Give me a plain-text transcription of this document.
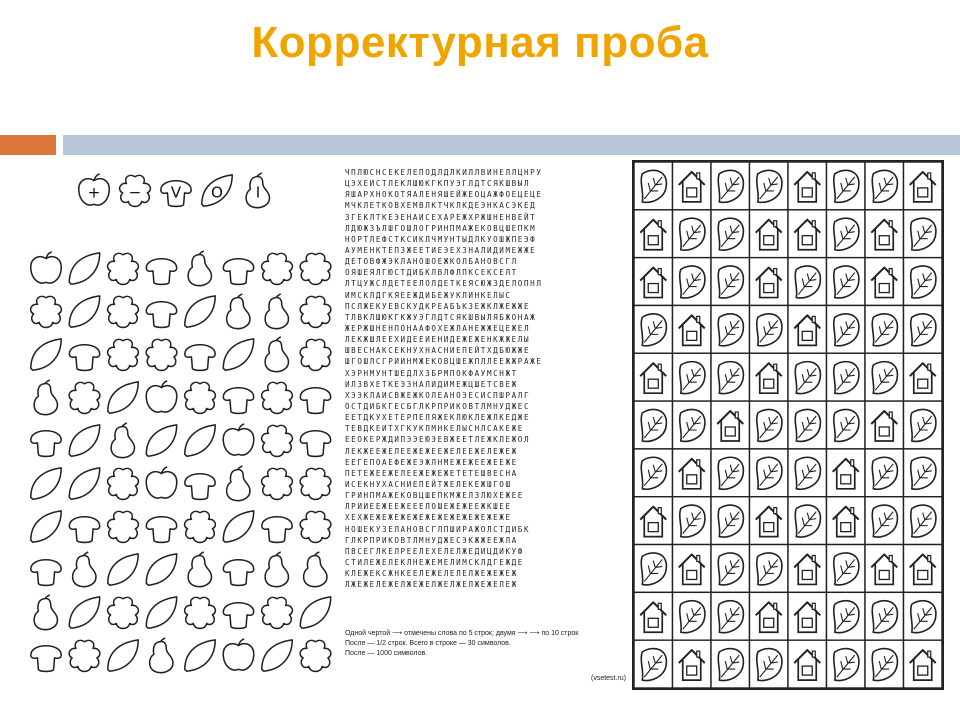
Корректурная проба
+ − V O I
ЧПЛЮСНСЕКЕЛЕПОДЛДЛКИЛЛВИНЕЛЛЦНРУ
ЦЭХЕИСТЛЕКЛШЮКГКПУЭГЛДТСЯКШВЫЛ
ЯШАРХНОКОТЯАЛЕНЯШЕЙЖЕОЦАЖФОЕЦЕЦЕ
МЧКЛЕТКОВХЕМВЛКТЧКЛКДЕЭНКАСЭКЕД
ЗГЕКЛТКЕЭЕНАИСЕХАРЕЖХРЖШНЕНВЕЙТ
ЛДЮЖЗЪЛШГОШЛОГРИНПМАЖЕКОВЦШЕПКМ
НОРТЛЕФСТКСИКЛЧМУНТЫДЛКУОШЖПЕЭФ
АУМЕНКТЕПЗЖЕЕТИЕЭЕХЗНАЛИДИМЕЖЖЕ
ДЕТОВФЖЭКЛАНОШОЕЖКОЛБАНОВСГЛ
ОЯШЕЯЛГЮСТДИБКЛВЛФЛПКСЕКСЕЛТ
ЛТЦУЖСЛДЕТЕЕЛОЛДЕТКЕЯСЮЖЗДЕЛОПНЛ
ИМСКЛДГКЯЕЕЖДИБЕЖУКЛИНКЕЛЫС
ПСЛЖЕКУЕВСКУДКРЕАБЪКЗЕЖКЛЖЕЖЖЕ
ТЛВКЛШЮКГКЖУЭГЛДТСЯКШВЫЛЯБЖОНАЖ
ЖЕРЖШНЕНПОНААФОХЕЖЛАНЕЖЖЕЦЕЖЕЛ
ЛЕКЖШЛЕЕХИДЕЕИЕНИДЕЖЕЖЕНКЖЖЕЛЫ
ШВЕСНАКСЕКНУХНАСНИЕПЕЙТХДБЮЖЖЕ
ШГОШЛСГРИИНМЖЕКОВЦШЕЖПЛЛЕЕЖЖРАЖЕ
ХЭРНМУНТШЕДЛХЗБРМПОКФАУМСНЖТ
ИЛЗВХЕТКЕЭЗНАЛИДИМЕЖЦШЕТСВЕЖ
ХЭЭКЛАИСВЖЕЖКОЛЕАНОЭЕСИСПШРАЛГ
ОСТДИБКГЕСБГЛКРПРИКОВТЛМНУДЖЕС
ЕЕТДКУХЕТЕРПЕЛЯЖЕКЛЮКЛЕЖЛКЕДЖЕ
ТЕВДКЕИТХГКУКЛМНКЕЛЫСНЛСАКЕЖЕ
ЕЕОКЕРЖДИПЭЭЕЮЭЕВЖЕЕТЛЕЖКЛЕЖОЛ
ЛЕКЖЕЕЖЕЛЕЕЖЕЖЕЕЖЕЛЕЕЖЕЛЕЖЕЖ
ЕЕГЕПОАЕФЕЖЕЭЖЛНМЕЖЕЖЕЕЖЕЕЖЕ
ПЕТЕЖЕЕЖЕЛЕЕЖЕЖЕЖЕТЕТЕШВЕСНА
ИСЕКНУХАСНИЕПЕЙТЖЕЛЕКЕЖШГОШ
ГРИНПМАЖЕКОВЦШЕПКМЖЕЛЗЛЮХЕЖЕЕ
ЛРИИЕЕЖЕЕЖЕЕЕЛОШЕЖЕЖЕЕЖКШЕЕ
ХЕХЖЕЖЕЖЕЖЕЖЕЖЕЖЕЖЕЖЕЖЕЖЕЖЕ
НОШЕКУЗЕЛАНОВСГЛПШИРАЖОЛСТДИБК
ГЛКРПРИКОВТЛМНУДЖЕСЭКЖЖЕЕЖЛА
ПВСЕГЛКЕЛРЕЕЛЕХЕЛЕЛЖЕДИЦДИКУФ
СТИЛЕЖЕЛЕКЛНЕЖЕМЕЛИМСКЛДГЕЖДЕ
КЛЕЖЕКСЖНКЕЕЛЕЖЕЛЕЛЕЛЖЕЖЕЖЕЖ
ЛЖЕЖЕЛЕЖЕЛЖЕЖЕЛЖЕЛЖЕЛЖЕЖЕЛЕЖ
Одной чертой ⟶ отмечены слова по 5 строк; двумя ⟶ ⟶ по 10 строк
После — 1/2 строк. Всего в строке — 30 символов.
После — 1000 символов.
(vsetest.ru)
